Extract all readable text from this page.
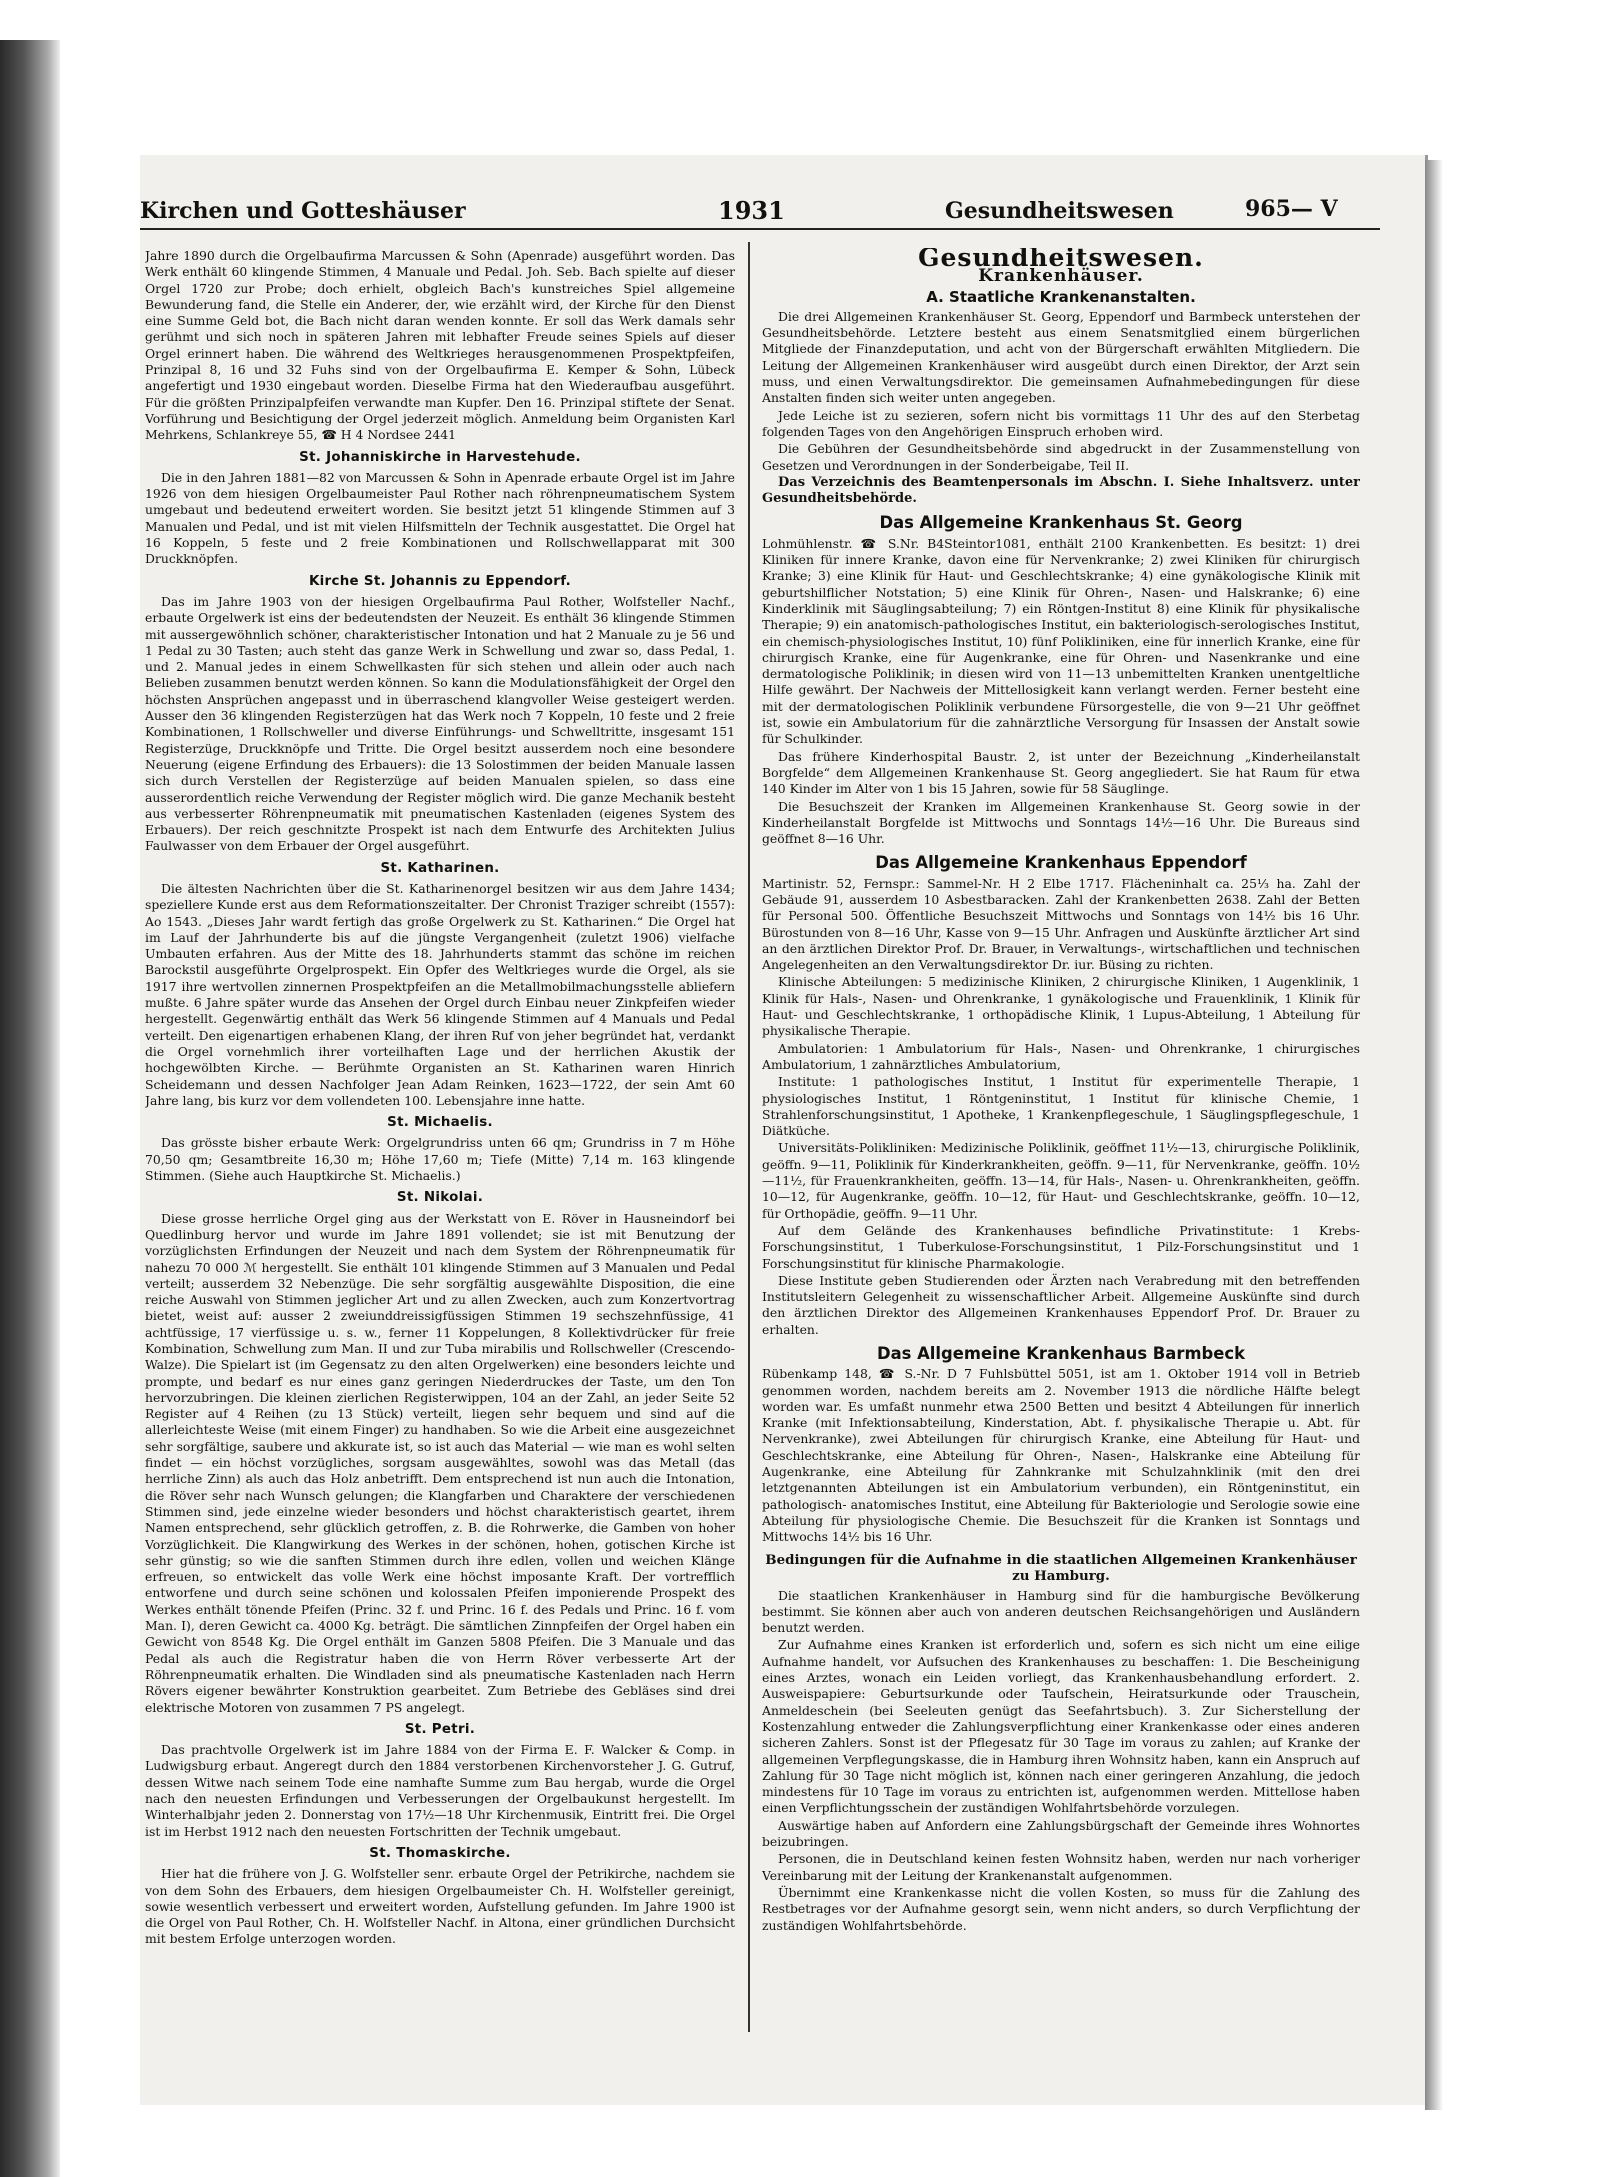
Kirchen und Gotteshäuser	1931	Gesundheitswesen	965— V

Jahre 1890 durch die Orgelbaufirma Marcussen & Sohn (Apenrade) ausgeführt worden. Das Werk enthält 60 klingende Stimmen, 4 Manuale und Pedal. Joh. Seb. Bach spielte auf dieser Orgel 1720 zur Probe; doch erhielt, obgleich Bach's kunstreiches Spiel allgemeine Bewunderung fand, die Stelle ein Anderer, der, wie erzählt wird, der Kirche für den Dienst eine Summe Geld bot, die Bach nicht daran wenden konnte. Er soll das Werk damals sehr gerühmt und sich noch in späteren Jahren mit lebhafter Freude seines Spiels auf dieser Orgel erinnert haben. Die während des Weltkrieges herausgenommenen Prospektpfeifen, Prinzipal 8, 16 und 32 Fuhs sind von der Orgelbaufirma E. Kemper & Sohn, Lübeck angefertigt und 1930 eingebaut worden. Dieselbe Firma hat den Wiederaufbau ausgeführt. Für die größten Prinzipalpfeifen verwandte man Kupfer. Den 16. Prinzipal stiftete der Senat. Vorführung und Besichtigung der Orgel jederzeit möglich. Anmeldung beim Organisten Karl Mehrkens, Schlankreye 55, ☎ H 4 Nordsee 2441

St. Johanniskirche in Harvestehude.

Die in den Jahren 1881—82 von Marcussen & Sohn in Apenrade erbaute Orgel ist im Jahre 1926 von dem hiesigen Orgelbaumeister Paul Rother nach röhrenpneumatischem System umgebaut und bedeutend erweitert worden. Sie besitzt jetzt 51 klingende Stimmen auf 3 Manualen und Pedal, und ist mit vielen Hilfsmitteln der Technik ausgestattet. Die Orgel hat 16 Koppeln, 5 feste und 2 freie Kombinationen und Rollschwellapparat mit 300 Druckknöpfen.

Kirche St. Johannis zu Eppendorf.

Das im Jahre 1903 von der hiesigen Orgelbaufirma Paul Rother, Wolfsteller Nachf., erbaute Orgelwerk ist eins der bedeutendsten der Neuzeit. Es enthält 36 klingende Stimmen mit aussergewöhnlich schöner, charakteristischer Intonation und hat 2 Manuale zu je 56 und 1 Pedal zu 30 Tasten; auch steht das ganze Werk in Schwellung und zwar so, dass Pedal, 1. und 2. Manual jedes in einem Schwellkasten für sich stehen und allein oder auch nach Belieben zusammen benutzt werden können. So kann die Modulationsfähigkeit der Orgel den höchsten Ansprüchen angepasst und in überraschend klangvoller Weise gesteigert werden. Ausser den 36 klingenden Registerzügen hat das Werk noch 7 Koppeln, 10 feste und 2 freie Kombinationen, 1 Rollschweller und diverse Einführungs- und Schwelltritte, insgesamt 151 Registerzüge, Druckknöpfe und Tritte. Die Orgel besitzt ausserdem noch eine besondere Neuerung (eigene Erfindung des Erbauers): die 13 Solostimmen der beiden Manuale lassen sich durch Verstellen der Registerzüge auf beiden Manualen spielen, so dass eine ausserordentlich reiche Verwendung der Register möglich wird. Die ganze Mechanik besteht aus verbesserter Röhrenpneumatik mit pneumatischen Kastenladen (eigenes System des Erbauers). Der reich geschnitzte Prospekt ist nach dem Entwurfe des Architekten Julius Faulwasser von dem Erbauer der Orgel ausgeführt.

St. Katharinen.

Die ältesten Nachrichten über die St. Katharinenorgel besitzen wir aus dem Jahre 1434; speziellere Kunde erst aus dem Reformationszeitalter. Der Chronist Traziger schreibt (1557): Ao 1543. „Dieses Jahr wardt fertigh das große Orgelwerk zu St. Katharinen.“ Die Orgel hat im Lauf der Jahrhunderte bis auf die jüngste Vergangenheit (zuletzt 1906) vielfache Umbauten erfahren. Aus der Mitte des 18. Jahrhunderts stammt das schöne im reichen Barockstil ausgeführte Orgelprospekt. Ein Opfer des Weltkrieges wurde die Orgel, als sie 1917 ihre wertvollen zinnernen Prospektpfeifen an die Metallmobilmachungsstelle abliefern mußte. 6 Jahre später wurde das Ansehen der Orgel durch Einbau neuer Zinkpfeifen wieder hergestellt. Gegenwärtig enthält das Werk 56 klingende Stimmen auf 4 Manuals und Pedal verteilt. Den eigenartigen erhabenen Klang, der ihren Ruf von jeher begründet hat, verdankt die Orgel vornehmlich ihrer vorteilhaften Lage und der herrlichen Akustik der hochgewölbten Kirche. — Berühmte Organisten an St. Katharinen waren Hinrich Scheidemann und dessen Nachfolger Jean Adam Reinken, 1623—1722, der sein Amt 60 Jahre lang, bis kurz vor dem vollendeten 100. Lebensjahre inne hatte.

St. Michaelis.

Das grösste bisher erbaute Werk: Orgelgrundriss unten 66 qm; Grundriss in 7 m Höhe 70,50 qm; Gesamtbreite 16,30 m; Höhe 17,60 m; Tiefe (Mitte) 7,14 m. 163 klingende Stimmen. (Siehe auch Hauptkirche St. Michaelis.)

St. Nikolai.

Diese grosse herrliche Orgel ging aus der Werkstatt von E. Röver in Hausneindorf bei Quedlinburg hervor und wurde im Jahre 1891 vollendet; sie ist mit Benutzung der vorzüglichsten Erfindungen der Neuzeit und nach dem System der Röhrenpneumatik für nahezu 70 000 ℳ hergestellt. Sie enthält 101 klingende Stimmen auf 3 Manualen und Pedal verteilt; ausserdem 32 Nebenzüge. Die sehr sorgfältig ausgewählte Disposition, die eine reiche Auswahl von Stimmen jeglicher Art und zu allen Zwecken, auch zum Konzertvortrag bietet, weist auf: ausser 2 zweiunddreissigfüssigen Stimmen 19 sechszehnfüssige, 41 achtfüssige, 17 vierfüssige u. s. w., ferner 11 Koppelungen, 8 Kollektivdrücker für freie Kombination, Schwellung zum Man. II und zur Tuba mirabilis und Rollschweller (Crescendo-Walze). Die Spielart ist (im Gegensatz zu den alten Orgelwerken) eine besonders leichte und prompte, und bedarf es nur eines ganz geringen Niederdruckes der Taste, um den Ton hervorzubringen. Die kleinen zierlichen Registerwippen, 104 an der Zahl, an jeder Seite 52 Register auf 4 Reihen (zu 13 Stück) verteilt, liegen sehr bequem und sind auf die allerleichteste Weise (mit einem Finger) zu handhaben. So wie die Arbeit eine ausgezeichnet sehr sorgfältige, saubere und akkurate ist, so ist auch das Material — wie man es wohl selten findet — ein höchst vorzügliches, sorgsam ausgewähltes, sowohl was das Metall (das herrliche Zinn) als auch das Holz anbetrifft. Dem entsprechend ist nun auch die Intonation, die Röver sehr nach Wunsch gelungen; die Klangfarben und Charaktere der verschiedenen Stimmen sind, jede einzelne wieder besonders und höchst charakteristisch geartet, ihrem Namen entsprechend, sehr glücklich getroffen, z. B. die Rohrwerke, die Gamben von hoher Vorzüglichkeit. Die Klangwirkung des Werkes in der schönen, hohen, gotischen Kirche ist sehr günstig; so wie die sanften Stimmen durch ihre edlen, vollen und weichen Klänge erfreuen, so entwickelt das volle Werk eine höchst imposante Kraft. Der vortrefflich entworfene und durch seine schönen und kolossalen Pfeifen imponierende Prospekt des Werkes enthält tönende Pfeifen (Princ. 32 f. und Princ. 16 f. des Pedals und Princ. 16 f. vom Man. I), deren Gewicht ca. 4000 Kg. beträgt. Die sämtlichen Zinnpfeifen der Orgel haben ein Gewicht von 8548 Kg. Die Orgel enthält im Ganzen 5808 Pfeifen. Die 3 Manuale und das Pedal als auch die Registratur haben die von Herrn Röver verbesserte Art der Röhrenpneumatik erhalten. Die Windladen sind als pneumatische Kastenladen nach Herrn Rövers eigener bewährter Konstruktion gearbeitet. Zum Betriebe des Gebläses sind drei elektrische Motoren von zusammen 7 PS angelegt.

St. Petri.

Das prachtvolle Orgelwerk ist im Jahre 1884 von der Firma E. F. Walcker & Comp. in Ludwigsburg erbaut. Angeregt durch den 1884 verstorbenen Kirchenvorsteher J. G. Gutruf, dessen Witwe nach seinem Tode eine namhafte Summe zum Bau hergab, wurde die Orgel nach den neuesten Erfindungen und Verbesserungen der Orgelbaukunst hergestellt. Im Winterhalbjahr jeden 2. Donnerstag von 17½—18 Uhr Kirchenmusik, Eintritt frei. Die Orgel ist im Herbst 1912 nach den neuesten Fortschritten der Technik umgebaut.

St. Thomaskirche.

Hier hat die frühere von J. G. Wolfsteller senr. erbaute Orgel der Petrikirche, nachdem sie von dem Sohn des Erbauers, dem hiesigen Orgelbaumeister Ch. H. Wolfsteller gereinigt, sowie wesentlich verbessert und erweitert worden, Aufstellung gefunden. Im Jahre 1900 ist die Orgel von Paul Rother, Ch. H. Wolfsteller Nachf. in Altona, einer gründlichen Durchsicht mit bestem Erfolge unterzogen worden.

Gesundheitswesen.
Krankenhäuser.
A. Staatliche Krankenanstalten.

Die drei Allgemeinen Krankenhäuser St. Georg, Eppendorf und Barmbeck unterstehen der Gesundheitsbehörde. Letztere besteht aus einem Senatsmitglied einem bürgerlichen Mitgliede der Finanzdeputation, und acht von der Bürgerschaft erwählten Mitgliedern. Die Leitung der Allgemeinen Krankenhäuser wird ausgeübt durch einen Direktor, der Arzt sein muss, und einen Verwaltungsdirektor. Die gemeinsamen Aufnahmebedingungen für diese Anstalten finden sich weiter unten angegeben.

Jede Leiche ist zu sezieren, sofern nicht bis vormittags 11 Uhr des auf den Sterbetag folgenden Tages von den Angehörigen Einspruch erhoben wird.

Die Gebühren der Gesundheitsbehörde sind abgedruckt in der Zusammenstellung von Gesetzen und Verordnungen in der Sonderbeigabe, Teil II.

Das Verzeichnis des Beamtenpersonals im Abschn. I. Siehe Inhaltsverz. unter Gesundheitsbehörde.

Das Allgemeine Krankenhaus St. Georg

Lohmühlenstr. ☎ S.Nr. B4Steintor1081, enthält 2100 Krankenbetten. Es besitzt: 1) drei Kliniken für innere Kranke, davon eine für Nervenkranke; 2) zwei Kliniken für chirurgisch Kranke; 3) eine Klinik für Haut- und Geschlechtskranke; 4) eine gynäkologische Klinik mit geburtshilflicher Notstation; 5) eine Klinik für Ohren-, Nasen- und Halskranke; 6) eine Kinderklinik mit Säuglingsabteilung; 7) ein Röntgen-Institut 8) eine Klinik für physikalische Therapie; 9) ein anatomisch-pathologisches Institut, ein bakteriologisch-serologisches Institut, ein chemisch-physiologisches Institut, 10) fünf Polikliniken, eine für innerlich Kranke, eine für chirurgisch Kranke, eine für Augenkranke, eine für Ohren- und Nasenkranke und eine dermatologische Poliklinik; in diesen wird von 11—13 unbemittelten Kranken unentgeltliche Hilfe gewährt. Der Nachweis der Mittellosigkeit kann verlangt werden. Ferner besteht eine mit der dermatologischen Poliklinik verbundene Fürsorgestelle, die von 9—21 Uhr geöffnet ist, sowie ein Ambulatorium für die zahnärztliche Versorgung für Insassen der Anstalt sowie für Schulkinder.

Das frühere Kinderhospital Baustr. 2, ist unter der Bezeichnung „Kinderheilanstalt Borgfelde“ dem Allgemeinen Krankenhause St. Georg angegliedert. Sie hat Raum für etwa 140 Kinder im Alter von 1 bis 15 Jahren, sowie für 58 Säuglinge.

Die Besuchszeit der Kranken im Allgemeinen Krankenhause St. Georg sowie in der Kinderheilanstalt Borgfelde ist Mittwochs und Sonntags 14½—16 Uhr. Die Bureaus sind geöffnet 8—16 Uhr.

Das Allgemeine Krankenhaus Eppendorf

Martinistr. 52, Fernspr.: Sammel-Nr. H 2 Elbe 1717. Flächeninhalt ca. 25⅓ ha. Zahl der Gebäude 91, ausserdem 10 Asbestbaracken. Zahl der Krankenbetten 2638. Zahl der Betten für Personal 500. Öffentliche Besuchszeit Mittwochs und Sonntags von 14½ bis 16 Uhr. Bürostunden von 8—16 Uhr, Kasse von 9—15 Uhr. Anfragen und Auskünfte ärztlicher Art sind an den ärztlichen Direktor Prof. Dr. Brauer, in Verwaltungs-, wirtschaftlichen und technischen Angelegenheiten an den Verwaltungsdirektor Dr. iur. Büsing zu richten.

Klinische Abteilungen: 5 medizinische Kliniken, 2 chirurgische Kliniken, 1 Augenklinik, 1 Klinik für Hals-, Nasen- und Ohrenkranke, 1 gynäkologische und Frauenklinik, 1 Klinik für Haut- und Geschlechtskranke, 1 orthopädische Klinik, 1 Lupus-Abteilung, 1 Abteilung für physikalische Therapie.

Ambulatorien: 1 Ambulatorium für Hals-, Nasen- und Ohrenkranke, 1 chirurgisches Ambulatorium, 1 zahnärztliches Ambulatorium,

Institute: 1 pathologisches Institut, 1 Institut für experimentelle Therapie, 1 physiologisches Institut, 1 Röntgeninstitut, 1 Institut für klinische Chemie, 1 Strahlenforschungsinstitut, 1 Apotheke, 1 Krankenpflegeschule, 1 Säuglingspflegeschule, 1 Diätküche.

Universitäts-Polikliniken: Medizinische Poliklinik, geöffnet 11½—13, chirurgische Poliklinik, geöffn. 9—11, Poliklinik für Kinderkrankheiten, geöffn. 9—11, für Nervenkranke, geöffn. 10½—11½, für Frauenkrankheiten, geöffn. 13—14, für Hals-, Nasen- u. Ohrenkrankheiten, geöffn. 10—12, für Augenkranke, geöffn. 10—12, für Haut- und Geschlechtskranke, geöffn. 10—12, für Orthopädie, geöffn. 9—11 Uhr.

Auf dem Gelände des Krankenhauses befindliche Privatinstitute: 1 Krebs-Forschungsinstitut, 1 Tuberkulose-Forschungsinstitut, 1 Pilz-Forschungsinstitut und 1 Forschungsinstitut für klinische Pharmakologie.

Diese Institute geben Studierenden oder Ärzten nach Verabredung mit den betreffenden Institutsleitern Gelegenheit zu wissenschaftlicher Arbeit. Allgemeine Auskünfte sind durch den ärztlichen Direktor des Allgemeinen Krankenhauses Eppendorf Prof. Dr. Brauer zu erhalten.

Das Allgemeine Krankenhaus Barmbeck

Rübenkamp 148, ☎ S.-Nr. D 7 Fuhlsbüttel 5051, ist am 1. Oktober 1914 voll in Betrieb genommen worden, nachdem bereits am 2. November 1913 die nördliche Hälfte belegt worden war. Es umfaßt nunmehr etwa 2500 Betten und besitzt 4 Abteilungen für innerlich Kranke (mit Infektionsabteilung, Kinderstation, Abt. f. physikalische Therapie u. Abt. für Nervenkranke), zwei Abteilungen für chirurgisch Kranke, eine Abteilung für Haut- und Geschlechtskranke, eine Abteilung für Ohren-, Nasen-, Halskranke eine Abteilung für Augenkranke, eine Abteilung für Zahnkranke mit Schulzahnklinik (mit den drei letztgenannten Abteilungen ist ein Ambulatorium verbunden), ein Röntgeninstitut, ein pathologisch- anatomisches Institut, eine Abteilung für Bakteriologie und Serologie sowie eine Abteilung für physiologische Chemie. Die Besuchszeit für die Kranken ist Sonntags und Mittwochs 14½ bis 16 Uhr.

Bedingungen für die Aufnahme in die staatlichen Allgemeinen Krankenhäuser zu Hamburg.

Die staatlichen Krankenhäuser in Hamburg sind für die hamburgische Bevölkerung bestimmt. Sie können aber auch von anderen deutschen Reichsangehörigen und Ausländern benutzt werden.

Zur Aufnahme eines Kranken ist erforderlich und, sofern es sich nicht um eine eilige Aufnahme handelt, vor Aufsuchen des Krankenhauses zu beschaffen: 1. Die Bescheinigung eines Arztes, wonach ein Leiden vorliegt, das Krankenhausbehandlung erfordert. 2. Ausweispapiere: Geburtsurkunde oder Taufschein, Heiratsurkunde oder Trauschein, Anmeldeschein (bei Seeleuten genügt das Seefahrtsbuch). 3. Zur Sicherstellung der Kostenzahlung entweder die Zahlungsverpflichtung einer Krankenkasse oder eines anderen sicheren Zahlers. Sonst ist der Pflegesatz für 30 Tage im voraus zu zahlen; auf Kranke der allgemeinen Verpflegungskasse, die in Hamburg ihren Wohnsitz haben, kann ein Anspruch auf Zahlung für 30 Tage nicht möglich ist, können nach einer geringeren Anzahlung, die jedoch mindestens für 10 Tage im voraus zu entrichten ist, aufgenommen werden. Mittellose haben einen Verpflichtungsschein der zuständigen Wohlfahrtsbehörde vorzulegen.

Auswärtige haben auf Anfordern eine Zahlungsbürgschaft der Gemeinde ihres Wohnortes beizubringen.

Personen, die in Deutschland keinen festen Wohnsitz haben, werden nur nach vorheriger Vereinbarung mit der Leitung der Krankenanstalt aufgenommen.

Übernimmt eine Krankenkasse nicht die vollen Kosten, so muss für die Zahlung des Restbetrages vor der Aufnahme gesorgt sein, wenn nicht anders, so durch Verpflichtung der zuständigen Wohlfahrtsbehörde.
